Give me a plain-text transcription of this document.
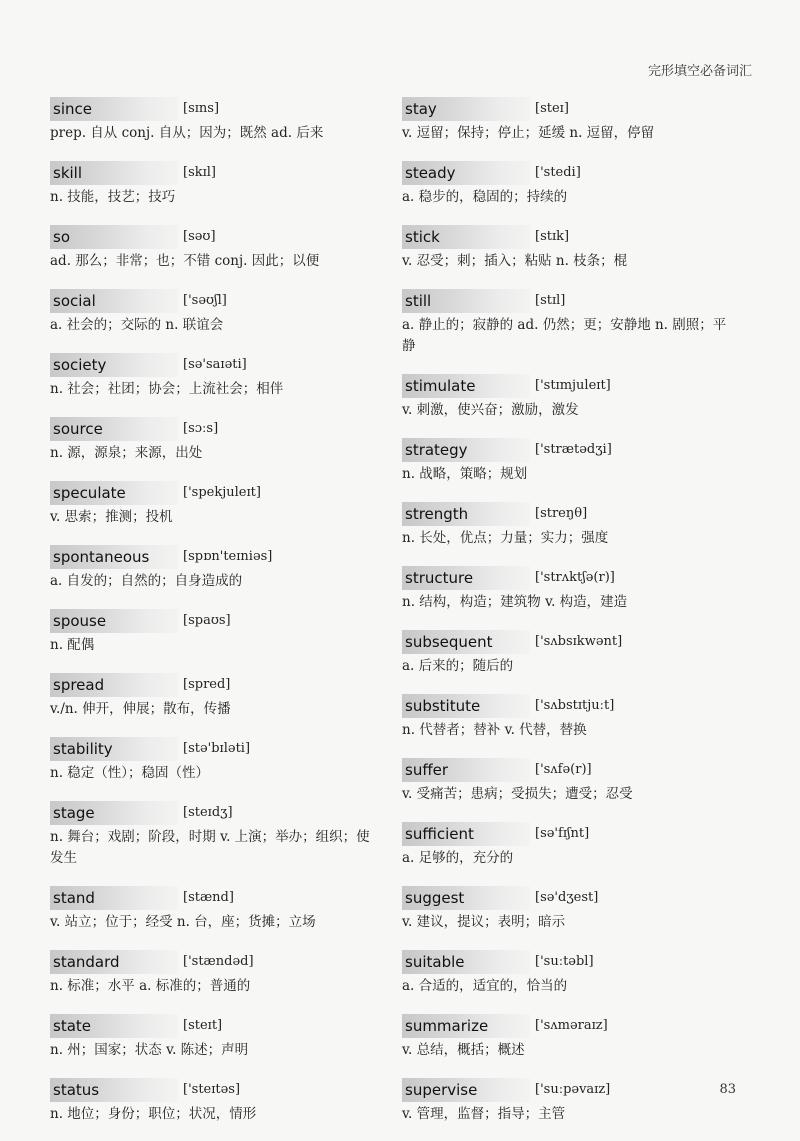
完形填空必备词汇
since	[sɪns]
prep. 自从 conj. 自从；因为；既然 ad. 后来
skill	[skɪl]
n. 技能，技艺；技巧
so	[səʊ]
ad. 那么；非常；也；不错 conj. 因此；以便
social	['səʊʃl]
a. 社会的；交际的 n. 联谊会
society	[sə'saɪəti]
n. 社会；社团；协会；上流社会；相伴
source	[sɔːs]
n. 源，源泉；来源，出处
speculate	['spekjuleɪt]
v. 思索；推测；投机
spontaneous	[spɒn'teɪniəs]
a. 自发的；自然的；自身造成的
spouse	[spaʊs]
n. 配偶
spread	[spred]
v./n. 伸开，伸展；散布，传播
stability	[stə'bɪləti]
n. 稳定（性）；稳固（性）
stage	[steɪdʒ]
n. 舞台；戏剧；阶段，时期 v. 上演；举办；组织；使发生
stand	[stænd]
v. 站立；位于；经受 n. 台，座；货摊；立场
standard	['stændəd]
n. 标准；水平 a. 标准的；普通的
state	[steɪt]
n. 州；国家；状态 v. 陈述；声明
status	['steɪtəs]
n. 地位；身份；职位；状况，情形
stay	[steɪ]
v. 逗留；保持；停止；延缓 n. 逗留，停留
steady	['stedi]
a. 稳步的，稳固的；持续的
stick	[stɪk]
v. 忍受；刺；插入；粘贴 n. 枝条；棍
still	[stɪl]
a. 静止的；寂静的 ad. 仍然；更；安静地 n. 剧照；平静
stimulate	['stɪmjuleɪt]
v. 刺激，使兴奋；激励，激发
strategy	['strætədʒi]
n. 战略，策略；规划
strength	[streŋθ]
n. 长处，优点；力量；实力；强度
structure	['strʌktʃə(r)]
n. 结构，构造；建筑物 v. 构造，建造
subsequent	['sʌbsɪkwənt]
a. 后来的；随后的
substitute	['sʌbstɪtjuːt]
n. 代替者；替补 v. 代替，替换
suffer	['sʌfə(r)]
v. 受痛苦；患病；受损失；遭受；忍受
sufficient	[sə'fɪʃnt]
a. 足够的，充分的
suggest	[sə'dʒest]
v. 建议，提议；表明；暗示
suitable	['suːtəbl]
a. 合适的，适宜的，恰当的
summarize	['sʌməraɪz]
v. 总结，概括；概述
supervise	['suːpəvaɪz]
v. 管理，监督；指导；主管
83
